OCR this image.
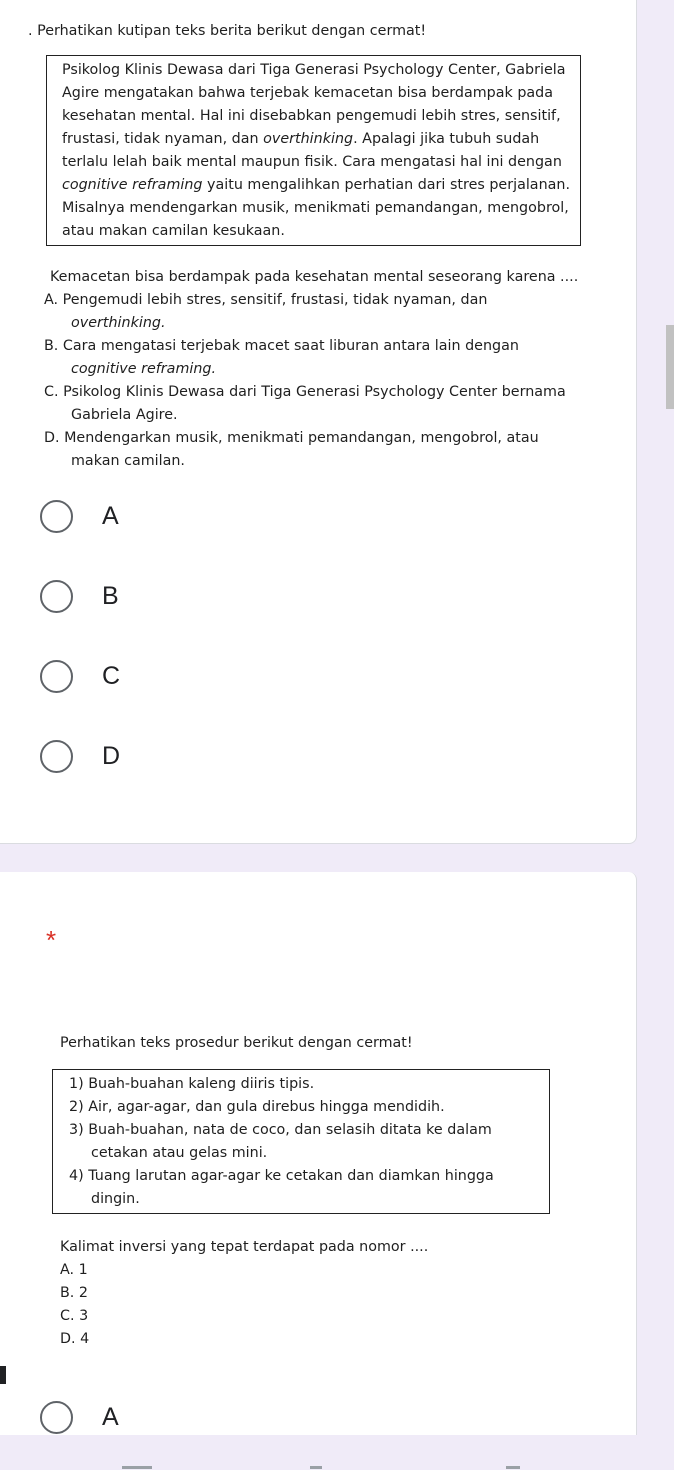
. Perhatikan kutipan teks berita berikut dengan cermat!

Psikolog Klinis Dewasa dari Tiga Generasi Psychology Center, Gabriela

Agire mengatakan bahwa terjebak kemacetan bisa berdampak pada

kesehatan mental. Hal ini disebabkan pengemudi lebih stres, sensitif,

frustasi, tidak nyaman, dan overthinking. Apalagi jika tubuh sudah

terlalu lelah baik mental maupun fisik. Cara mengatasi hal ini dengan

cognitive reframing yaitu mengalihkan perhatian dari stres perjalanan.

Misalnya mendengarkan musik, menikmati pemandangan, mengobrol,

atau makan camilan kesukaan.

Kemacetan bisa berdampak pada kesehatan mental seseorang karena ....

A. Pengemudi lebih stres, sensitif, frustasi, tidak nyaman, dan

overthinking.

B. Cara mengatasi terjebak macet saat liburan antara lain dengan

cognitive reframing.

C. Psikolog Klinis Dewasa dari Tiga Generasi Psychology Center bernama

Gabriela Agire.

D. Mendengarkan musik, menikmati pemandangan, mengobrol, atau

makan camilan.

A
B
C
D

Perhatikan teks prosedur berikut dengan cermat!

1) Buah-buahan kaleng diiris tipis.

2) Air, agar-agar, dan gula direbus hingga mendidih.

3) Buah-buahan, nata de coco, dan selasih ditata ke dalam

cetakan atau gelas mini.

4) Tuang larutan agar-agar ke cetakan dan diamkan hingga

dingin.

Kalimat inversi yang tepat terdapat pada nomor ....

A. 1

B. 2

C. 3

D. 4

A
*
